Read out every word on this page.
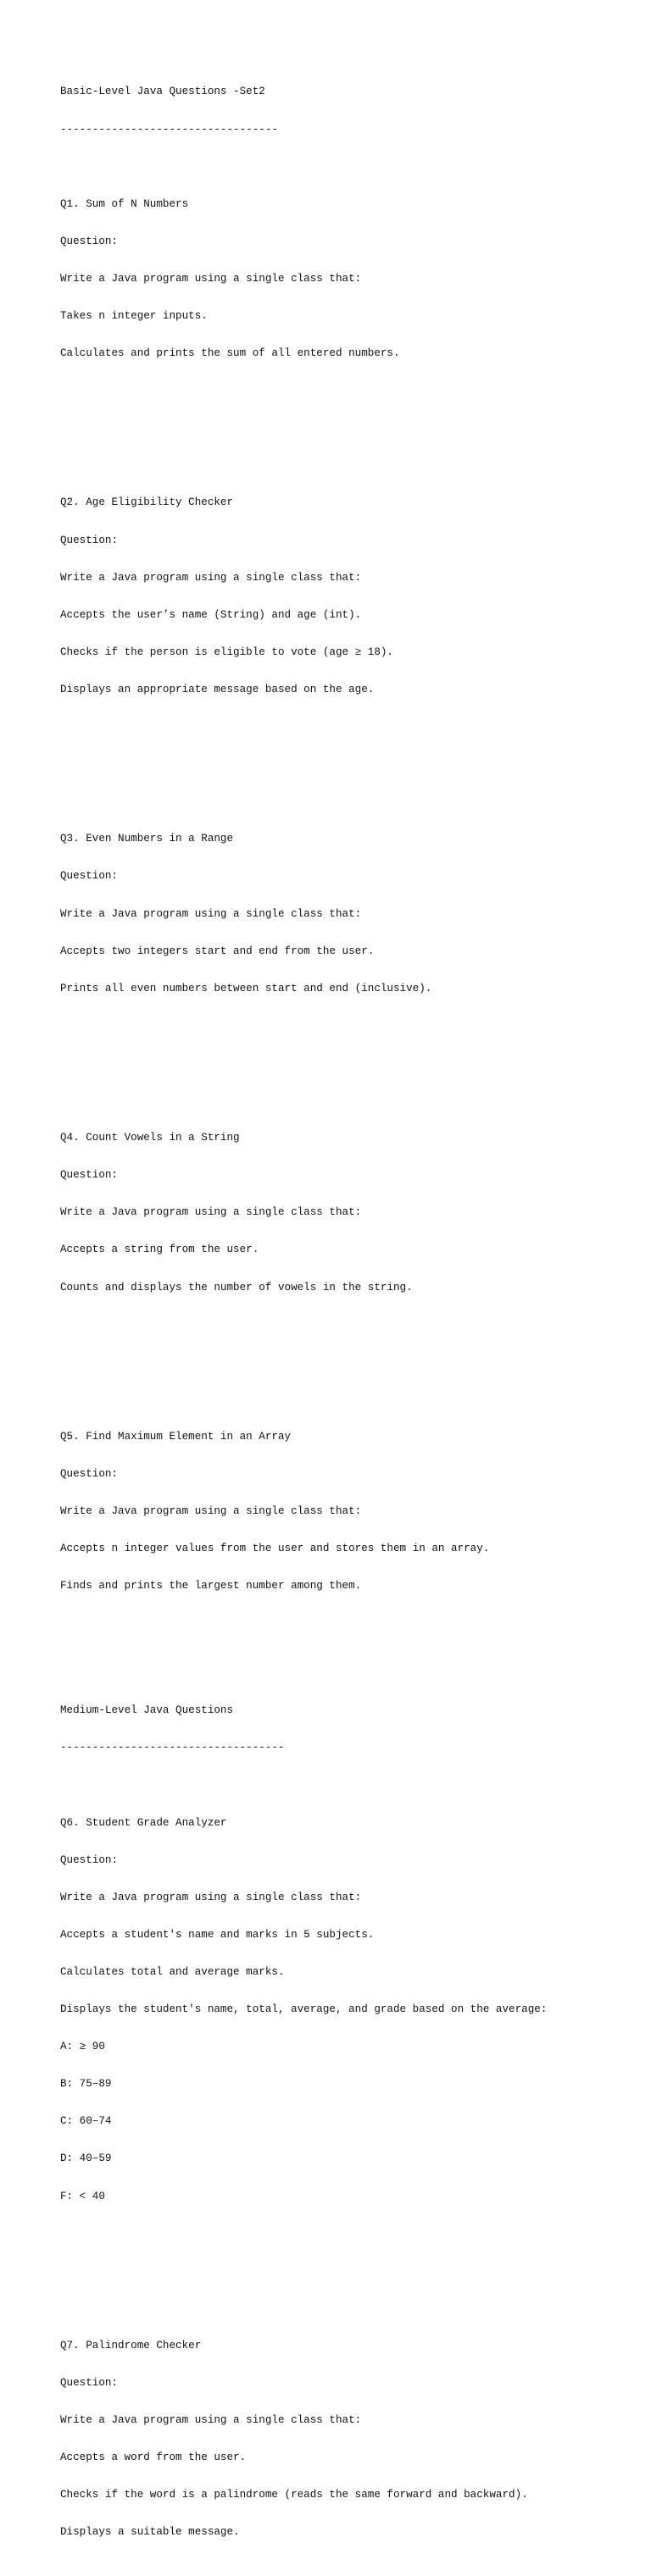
Basic-Level Java Questions -Set2

----------------------------------

Q1. Sum of N Numbers

Question:

Write a Java program using a single class that:

Takes n integer inputs.

Calculates and prints the sum of all entered numbers.

Q2. Age Eligibility Checker

Question:

Write a Java program using a single class that:

Accepts the user’s name (String) and age (int).

Checks if the person is eligible to vote (age ≥ 18).

Displays an appropriate message based on the age.

Q3. Even Numbers in a Range

Question:

Write a Java program using a single class that:

Accepts two integers start and end from the user.

Prints all even numbers between start and end (inclusive).

Q4. Count Vowels in a String

Question:

Write a Java program using a single class that:

Accepts a string from the user.

Counts and displays the number of vowels in the string.

Q5. Find Maximum Element in an Array

Question:

Write a Java program using a single class that:

Accepts n integer values from the user and stores them in an array.

Finds and prints the largest number among them.

Medium-Level Java Questions

-----------------------------------

Q6. Student Grade Analyzer

Question:

Write a Java program using a single class that:

Accepts a student's name and marks in 5 subjects.

Calculates total and average marks.

Displays the student's name, total, average, and grade based on the average:

A: ≥ 90

B: 75–89

C: 60–74

D: 40–59

F: < 40

Q7. Palindrome Checker

Question:

Write a Java program using a single class that:

Accepts a word from the user.

Checks if the word is a palindrome (reads the same forward and backward).

Displays a suitable message.
